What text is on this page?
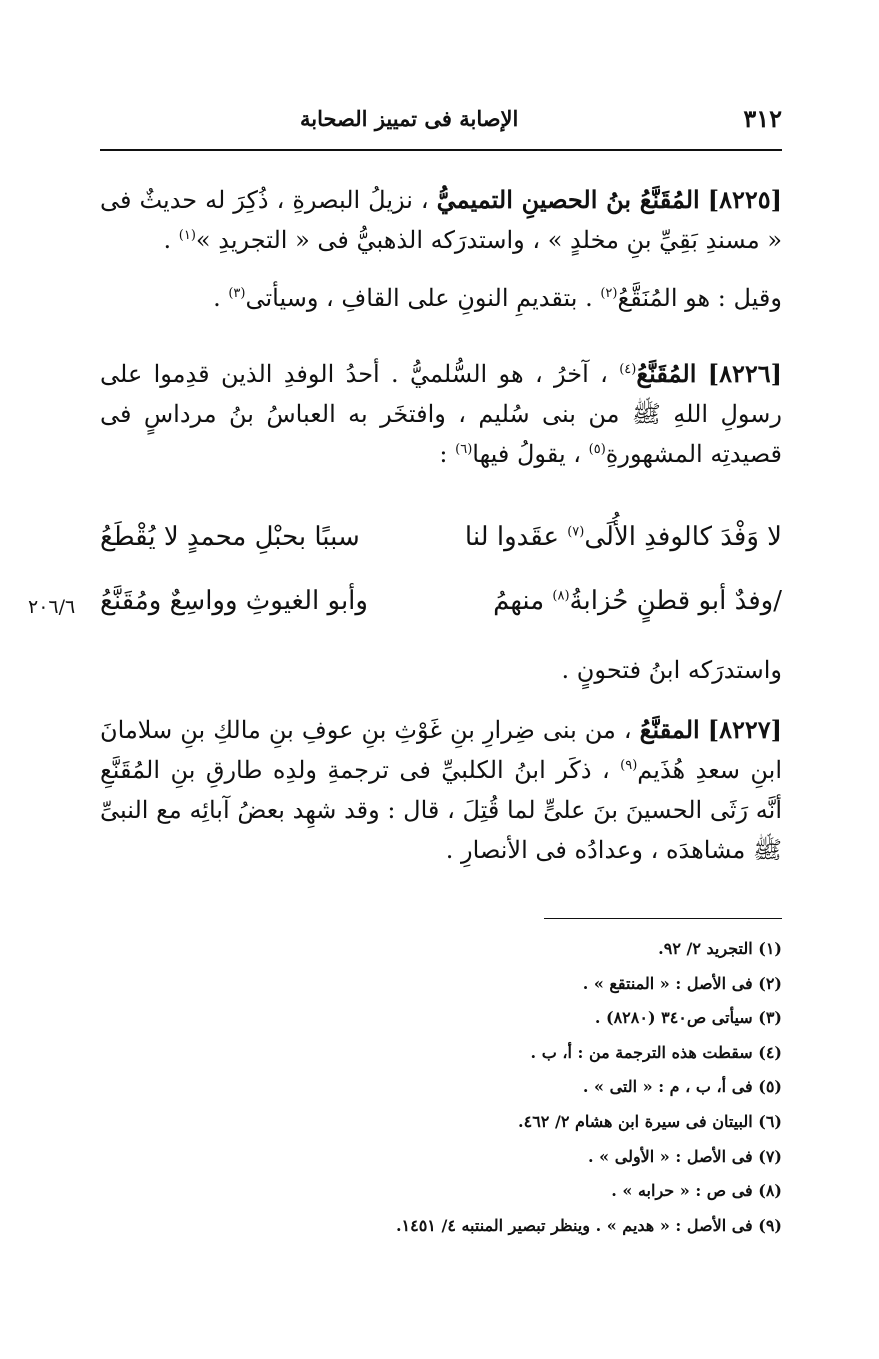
٣١٢
الإصابة فى تمييز الصحابة

[٨٢٢٥] المُقَنَّعُ بنُ الحصينِ التميميُّ ، نزيلُ البصرةِ ، ذُكِرَ له حديثٌ فى « مسندِ بَقِيِّ بنِ مخلدٍ » ، واستدرَكه الذهبيُّ فى « التجريدِ »$^{(١)}$ .

وقيل : هو المُنَقَّعُ$^{(٢)}$ . بتقديمِ النونِ على القافِ ، وسيأتى$^{(٣)}$ .

[٨٢٢٦] المُقَنَّعُ$^{(٤)}$ ، آخرُ ، هو السُّلميُّ . أحدُ الوفدِ الذين قدِموا على رسولِ اللهِ ﷺ من بنى سُليم ، وافتخَر به العباسُ بنُ مرداسٍ فى قصيدتِه المشهورةِ$^{(٥)}$ ، يقولُ فيها$^{(٦)}$ :

لا وَفْدَ كالوفدِ الأُلَى$^{(٧)}$ عقَدوا لنا
سببًا بحبْلِ محمدٍ لا يُقْطَعُ
/وفدٌ أبو قطنٍ حُزابةُ$^{(٨)}$ منهمُ
وأبو الغيوثِ وواسِعٌ ومُقَنَّعُ
٢٠٦/٦

واستدرَكه ابنُ فتحونٍ .

[٨٢٢٧] المقنَّعُ ، من بنى ضِرارِ بنِ غَوْثِ بنِ عوفِ بنِ مالكِ بنِ سلامانَ ابنِ سعدِ هُذَيم$^{(٩)}$ ، ذكَر ابنُ الكلبيِّ فى ترجمةِ ولدِه طارقِ بنِ المُقَنَّعِ أنَّه رَثَى الحسينَ بنَ علىٍّ لما قُتِلَ ، قال : وقد شهِد بعضُ آبائِه مع النبىِّ ﷺ مشاهدَه ، وعدادُه فى الأنصارِ .

(١) التجريد ٢/ ٩٢.
(٢) فى الأصل : « المنتقع » .
(٣) سيأتى ص٣٤٠ (٨٢٨٠) .
(٤) سقطت هذه الترجمة من : أ، ب .
(٥) فى أ، ب ، م : « التى » .
(٦) البيتان فى سيرة ابن هشام ٢/ ٤٦٢.
(٧) فى الأصل : « الأولى » .
(٨) فى ص : « حرابه » .
(٩) فى الأصل : « هديم » . وينظر تبصير المنتبه ٤/ ١٤٥١.
